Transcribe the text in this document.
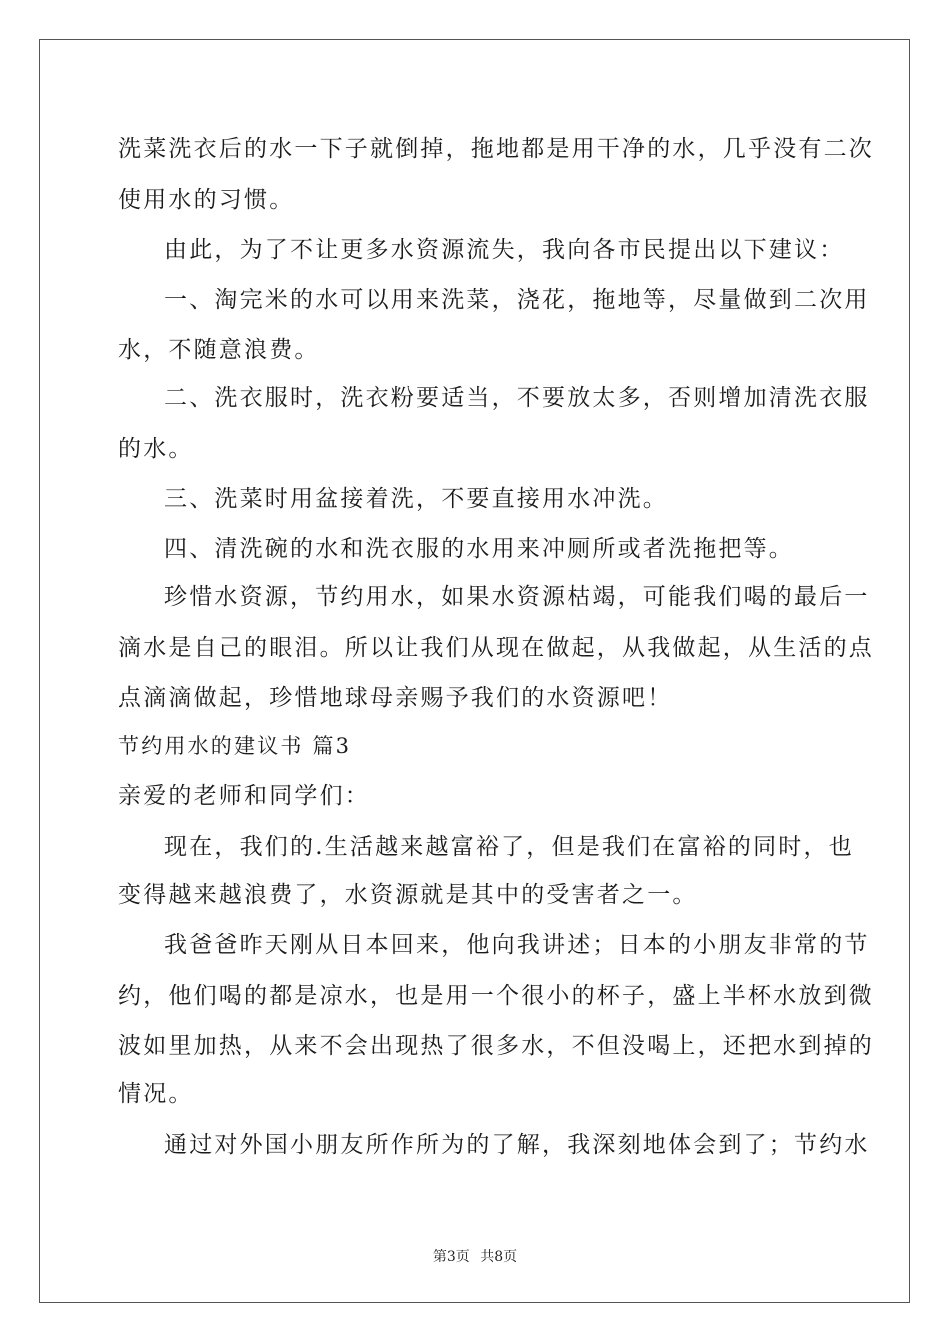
洗菜洗衣后的水一下子就倒掉，拖地都是用干净的水，几乎没有二次
使用水的习惯。
由此，为了不让更多水资源流失，我向各市民提出以下建议：
一、淘完米的水可以用来洗菜，浇花，拖地等，尽量做到二次用
水，不随意浪费。
二、洗衣服时，洗衣粉要适当，不要放太多，否则增加清洗衣服
的水。
三、洗菜时用盆接着洗，不要直接用水冲洗。
四、清洗碗的水和洗衣服的水用来冲厕所或者洗拖把等。
珍惜水资源，节约用水，如果水资源枯竭，可能我们喝的最后一
滴水是自己的眼泪。所以让我们从现在做起，从我做起，从生活的点
点滴滴做起，珍惜地球母亲赐予我们的水资源吧！
节约用水的建议书 篇3
亲爱的老师和同学们：
现在，我们的.生活越来越富裕了，但是我们在富裕的同时，也
变得越来越浪费了，水资源就是其中的受害者之一。
我爸爸昨天刚从日本回来，他向我讲述；日本的小朋友非常的节
约，他们喝的都是凉水，也是用一个很小的杯子，盛上半杯水放到微
波如里加热，从来不会出现热了很多水，不但没喝上，还把水到掉的
情况。
通过对外国小朋友所作所为的了解，我深刻地体会到了；节约水
第3页 共8页
